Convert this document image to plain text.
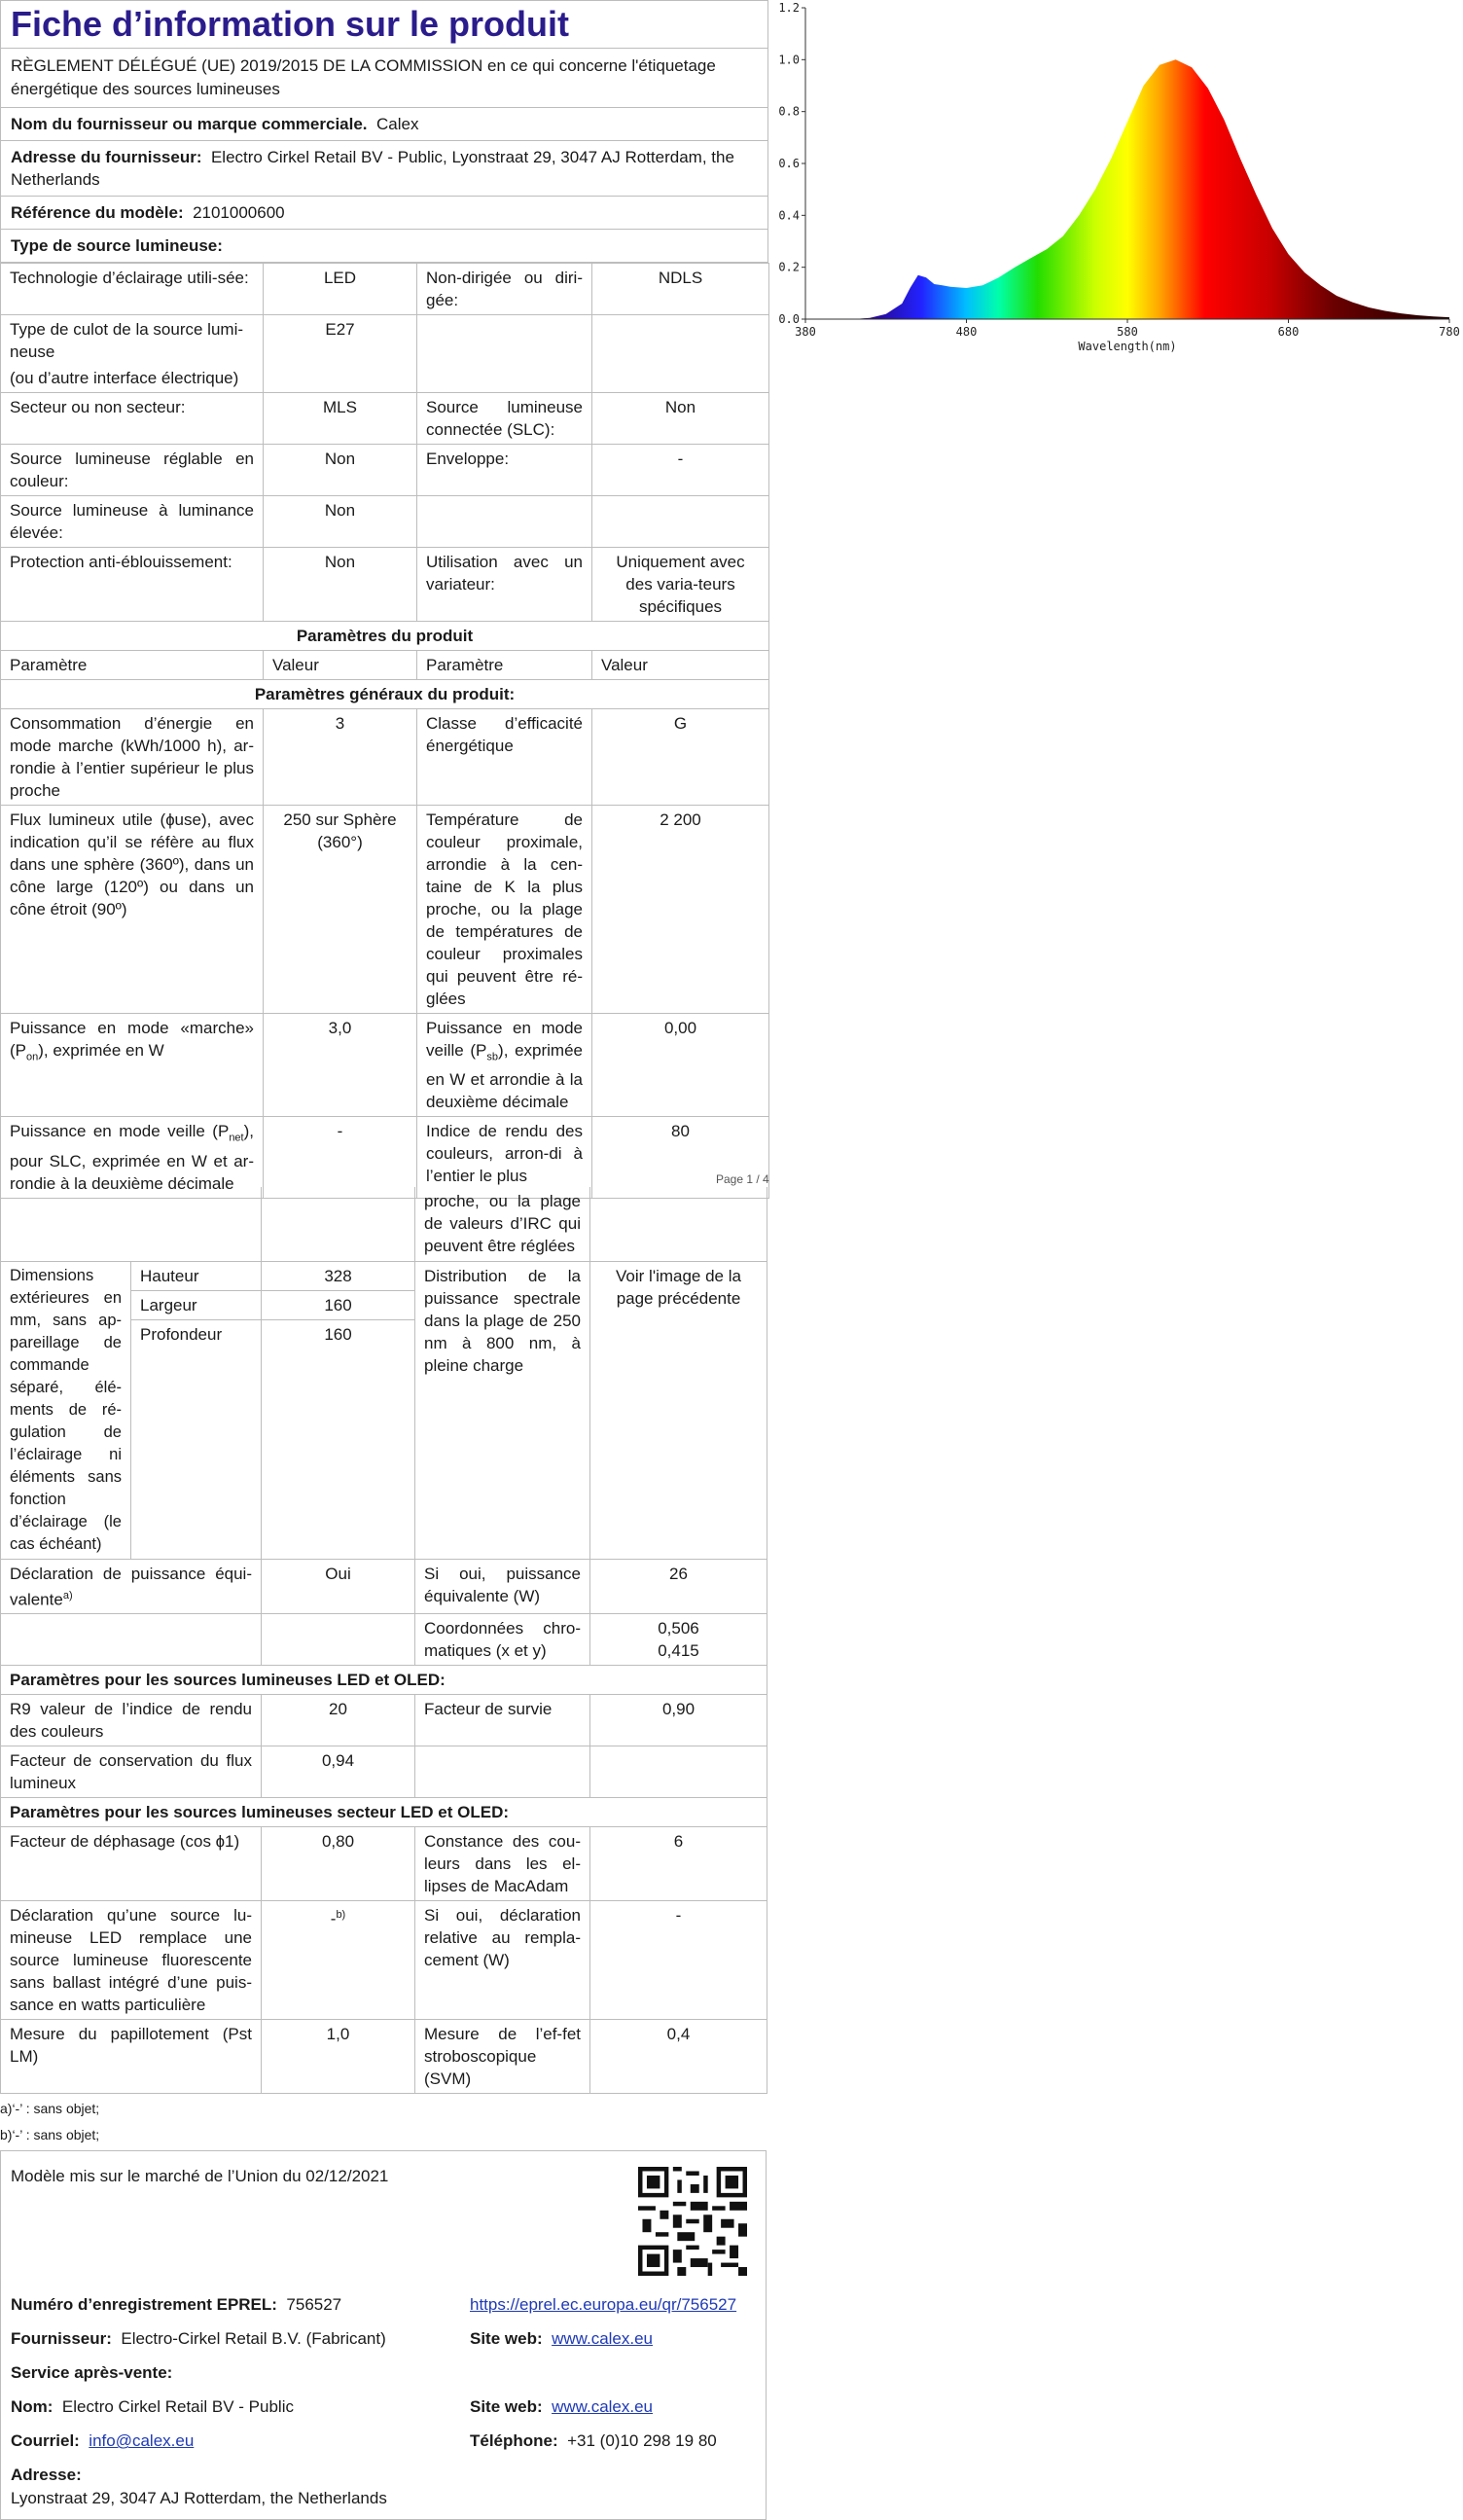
0.0
0.2
0.4
0.6
0.8
1.0
1.2
380	480	580	680	780
Wavelength(nm)
Fiche d’information sur le produit
RÈGLEMENT DÉLÉGUÉ (UE) 2019/2015 DE LA COMMISSION en ce qui concerne l'étiquetage énergétique des sources lumineuses
Nom du fournisseur ou marque commerciale. Calex
Adresse du fournisseur: Electro Cirkel Retail BV - Public, Lyonstraat 29, 3047 AJ Rotterdam, the Netherlands
Référence du modèle: 2101000600
Type de source lumineuse:
Technologie d’éclairage utili-sée:	LED	Non-dirigée ou diri-gée:	NDLS

Type de culot de la source lumi-neuse
(ou d’autre interface électrique)	E27		
Secteur ou non secteur:	MLS	Source lumineuse connectée (SLC):	Non
Source lumineuse réglable en couleur:	Non	Enveloppe:	-
Source lumineuse à luminance élevée:	Non		
Protection anti-éblouissement:	Non	Utilisation avec un variateur:	Uniquement avec des varia-teurs spécifiques
Paramètres du produit			
Paramètre	Valeur	Paramètre	Valeur
Paramètres généraux du produit:			
Consommation d’énergie en mode marche (kWh/1000 h), ar-rondie à l’entier supérieur le plus proche	3	Classe d’efficacité énergétique	G
Flux lumineux utile (ɸuse), avec indication qu’il se réfère au flux dans une sphère (360º), dans un cône large (120º) ou dans un cône étroit (90º)	250 sur Sphère (360°)	Température de couleur proximale, arrondie à la cen-taine de K la plus proche, ou la plage de températures de couleur proximales qui peuvent être ré-glées	2 200
Puissance en mode «marche» $(P_{on})$, exprimée en W	3,0	Puissance en mode veille $(P_{sb})$, exprimée en W et arrondie à la deuxième décimale	0,00
Puissance en mode veille $(P_{net})$, pour SLC, exprimée en W et ar-rondie à la deuxième décimale	-	Indice de rendu des couleurs, arron-di à l’entier le plus	80
Page 1 / 4
			proche, ou la plage de valeurs d’IRC qui peuvent être réglées	
Dimensions extérieures en mm, sans ap-pareillage de commande séparé, élé-ments de ré-gulation de l’éclairage ni éléments sans fonction d’éclairage (le cas échéant)	Hauteur	328	Distribution de la puissance spectrale dans la plage de 250 nm à 800 nm, à pleine charge	Voir l'image de la page précédente
	Largeur	160		
	Profondeur	160		
Déclaration de puissance équi-valente$^{a)}$		Oui	Si oui, puissance équivalente (W)	26
			Coordonnées chro-matiques (x et y)	0,506
0,415

Paramètres pour les sources lumineuses LED et OLED:				
R9 valeur de l’indice de rendu des couleurs		20	Facteur de survie	0,90
Facteur de conservation du flux lumineux		0,94		
Paramètres pour les sources lumineuses secteur LED et OLED:				
Facteur de déphasage (cos ɸ1)		0,80	Constance des cou-leurs dans les el-lipses de MacAdam	6
Déclaration qu’une source lu-mineuse LED remplace une source lumineuse fluorescente sans ballast intégré d’une puis-sance en watts particulière		-$^{b)}$	Si oui, déclaration relative au rempla-cement (W)	-
Mesure du papillotement (Pst LM)		1,0	Mesure de l’ef-fet stroboscopique (SVM)	0,4
a)‘-’ : sans objet;
b)‘-’ : sans objet;
Modèle mis sur le marché de l’Union du 02/12/2021
Numéro d’enregistrement EPREL: 756527	https://eprel.ec.europa.eu/qr/756527
Fournisseur: Electro-Cirkel Retail B.V. (Fabricant)	Site web: www.calex.eu
Service après-vente:
Nom: Electro Cirkel Retail BV - Public	Site web: www.calex.eu
Courriel: info@calex.eu	Téléphone: +31 (0)10 298 19 80
Adresse:
Lyonstraat 29, 3047 AJ Rotterdam, the Netherlands
